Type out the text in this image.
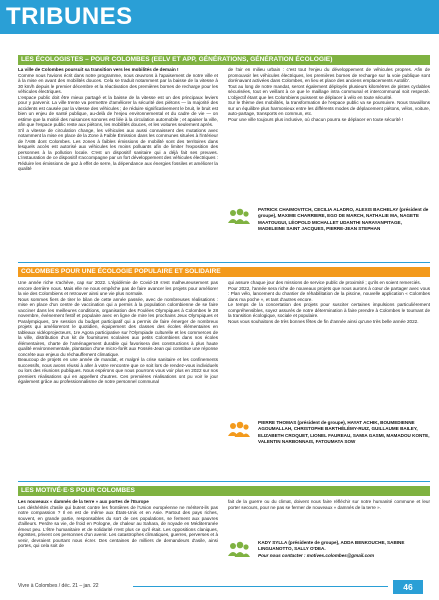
TRIBUNES
LES ÉCOLOGISTES – POUR COLOMBES (EELV ET APP, GÉNÉRATIONS, GÉNÉRATION ÉCOLOGIE)

La ville de Colombes poursuit sa transition vers les mobilités de demain !

Comme nous l'avions écrit dans notre programme, nous œuvrons à l'apaisement de notre ville et à la mise en avant des mobilités douces. Cela se traduit notamment par la baisse de la vitesse à 30 km/h depuis le premier décembre et la réactivation des premières bornes de recharge pour les véhicules électriques.

L'espace public doit être mieux partagé et la baisse de la vitesse est un des principaux leviers pour y parvenir. La ville trente va permettre d'améliorer la sécurité des piétons — la majorité des accidents est causée par la vitesse des véhicules ; de réduire significativement le bruit, le bruit est bien un enjeu de santé publique, au-delà de l'enjeu environnemental et du cadre de vie — on estime que la moitié des nuisances sonores est liée à la circulation automobile ; et apaiser la ville, afin que l'espace public reste aux piétons, les mobilités douces, et les voitures seulement après.

S'il a vitesse de circulation change, les véhicules aux aussi connaissent des mutations avec notamment la mise en place de la Zone à Faible Émission dans les communes situées à l'intérieur de l'A86 dont Colombes. Les zones à faibles émissions de mobilité sont des territoires dans lesquels accès est autorisé aux véhicules les moins polluants afin de limiter l'exposition des personnes à la pollution locale. C'est un dispositif sanitaire qui a déjà fait ses preuves. L'instauration de ce dispositif s'accompagne par un fort développement des véhicules électriques : Réduire les émissions de gaz à effet de serre, la dépendance aux énergies fossiles et améliorer la qualité

de l'air en milieu urbain : c'est tout l'enjeu du développement de véhicules propres. Afin de promouvoir les véhicules électriques, les premières bornes de recharge sur la voie publique sont dorénavant activées dans Colombes, en lieu et place des anciens emplacements Autolib'.

Tout au long de notre mandat, seront également déployés plusieurs kilomètres de pistes cyclables sécurisées, tout en veillant à ce que le maillage intra communal et intercommunal soit respecté. L'objectif étant que les Colombiens puissent se déplacer à vélo en toute sécurité.

Sur le thème des mobilités, la transformation de l'espace public va se poursuivre. Nous travaillons sur un équilibre plus harmonieux entre les différents modes de déplacement piétons, vélos, voiture, auto-partage, transports en commun, etc.

Pour une ville toujours plus inclusive, où chacun pourra se déplacer en toute sécurité !

PATRICK CHAIMOVITCH, CECILIA ALADRO, ALEXIS BACHELAY (président de groupe), MAXIME CHARRIERE, EGO DE MARCH, NATHALIE MA, NAGETE MAATOUGUI, LÉOPOLD MICHALLET UDANTHI NARAYANPITAGE, MADELEINE SAINT JACQUES, PIERRE-JEAN STEPHAN
COLOMBES POUR UNE ÉCOLOGIE POPULAIRE ET SOLIDAIRE

Une année riche s'achève, cap sur 2022. L'épidémie de Covid-19 s'est malheureusement pas encore derrière nous. Mais elle ne nous empêche pas de faire avancer les projets pour améliorer la vie des Colombiens et retrouver ainsi une vie plus normale.

Nous sommes fiers de tirer le bilan de cette année passée, avec de nombreuses réalisations : mise en place d'un centre de vaccination qui a permis à la population colombienne de se faire vacciner dans les meilleures conditions, organisation des Foulées Olympiques à Colombes le 28 novembre, événement festif et populaire avec en ligne de mire les prochains Jeux Olympiques et Paralympiques, 1re session du budget participatif qui a permis de faire émerger de nombreux projets qui amélioreront le quotidien, équipement des classes des écoles élémentaires en tableaux vidéoprojecteurs, 1re Agora participative sur l'Olympiade culturelle et les commerces de la ville, distribution d'un kit de fournitures scolaires aux petits Colombiens dans nos écoles élémentaires, charte de l'aménagement durable qui favorisera des constructions à plus haute qualité environnementale, plantation d'une micro-forêt aux Fossés-Jean qui constitue une réponse concrète aux enjeux du réchauffement climatique.

Beaucoup de projets en une année de mandat, et malgré la crise sanitaire et les confinements successifs, nous avons réussi à aller à votre rencontre que ce soit lors de rendez-vous individuels ou lors des réunions publiques. Nous espérons que nous pourrons vous voir plus en 2022 sur nos premiers réalisations qui en appellent d'autres. Ces premières réalisations ont pu voir le jour également grâce au professionnalisme de notre personnel communal

qui assure chaque jour des missions de service public de proximité ; qu'ils en soient remerciés.

Pour 2022, l'année sera riche de nouveaux projets que nous aurons à cœur de partager avec vous : Plan vélo, lancement du chantier de réhabilitation de la piscine, nouvelle application « Colombes dans ma poche », et tant d'autres encore.

Le temps de la concertation des projets pour susciter certaines impulsions particulièrement compréhensibles, soyez assurés de notre détermination à faire prendre à Colombes le tournant de la transition écologique, sociale et populaire.

Nous vous souhaitons de très bonnes fêtes de fin d'année ainsi qu'une très belle année 2022.

PIERRE THOMAS (président de groupe), HAYAT ACHIK, BOUMEDIENNE AGOUMALLAH, CHRISTOPHE BARTHÉLÉMY-RUIZ, GUILLAUME BAILEY, ELIZABETH CROQUET, LIONEL FAUREAU, SAMIA GASMI, MAMADOU KONTE, VALENTIN NARBONNAIS, FATOUMATA SOW
LES MOTIVÉ·E·S POUR COLOMBES

Les nouveaux « damnés de la terre » aux portes de l'Europe

Les déshérités d'asile qui butent contre les frontières de l'Union européenne ne méritent-ils pas notre compassion ? Il en est de même aux États-Unis et en Asie. Partout des pays riches, souvent, en grande partie, responsables du sort de ces populations, se ferment aux pauvres d'ailleurs. Perdre sa vie, de froid en Pologne, de chaleur au Sahara, de noyade en Méditerranée émeut peu. L'être humanitaire et de solidarité n'est plus ce qu'il était. Les oppositions claniques, égoïstes, privent ces personnes d'un avenir. Les catastrophes climatiques, guerres, perverses et à venir, devraient pourtant nous écrer. Des centaines de milliers de demandeurs d'asile, ainsi portes, qui cela soit de

fait de la guerre ou du climat, doivent nous faire réfléchir sur notre humanité commune et leur porter secours, pour ne pas se fermer de nouveaux « damnés de la terre ».

KADY SYLLA (présidente de groupe), ADDA BENKOUCHE, SABINE LINGUANOTTO, SALLY O'DEA.
Pour nous contacter : motives.colombes@gmail.com
Vivre à Colombes / déc. 21 – jan. 22	46
